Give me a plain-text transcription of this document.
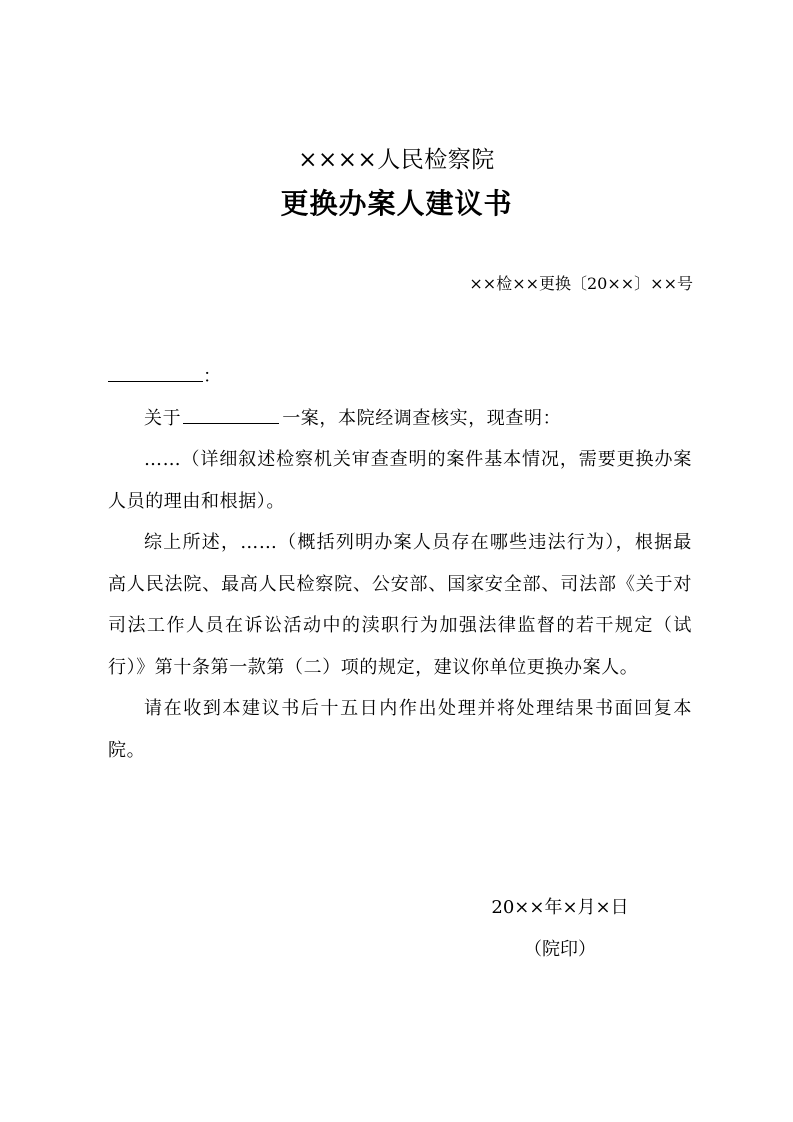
××××人民检察院
更换办案人建议书
××检××更换〔20××〕××号

：

关于	一案，本院经调查核实，现查明：

……（详细叙述检察机关审查查明的案件基本情况，需要更换办案人员的理由和根据）。

综上所述，……（概括列明办案人员存在哪些违法行为），根据最高人民法院、最高人民检察院、公安部、国家安全部、司法部《关于对司法工作人员在诉讼活动中的渎职行为加强法律监督的若干规定（试行）》第十条第一款第（二）项的规定，建议你单位更换办案人。

请在收到本建议书后十五日内作出处理并将处理结果书面回复本院。

20××年×月×日
（院印）
